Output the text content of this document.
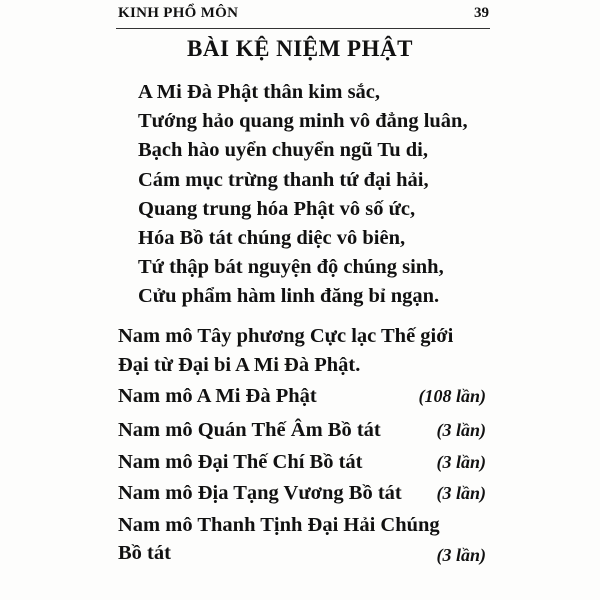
KINH PHỔ MÔN	39
BÀI KỆ NIỆM PHẬT
A Mi Đà Phật thân kim sắc,
Tướng hảo quang minh vô đẳng luân,
Bạch hào uyển chuyển ngũ Tu di,
Cám mục trừng thanh tứ đại hải,
Quang trung hóa Phật vô số ức,
Hóa Bồ tát chúng diệc vô biên,
Tứ thập bát nguyện độ chúng sinh,
Cửu phẩm hàm linh đăng bỉ ngạn.
Nam mô Tây phương Cực lạc Thế giới
Đại từ Đại bi A Mi Đà Phật.
Nam mô A Mi Đà Phật	(108 lần)
Nam mô Quán Thế Âm Bồ tát	(3 lần)
Nam mô Đại Thế Chí Bồ tát	(3 lần)
Nam mô Địa Tạng Vương Bồ tát (3 lần)
Nam mô Thanh Tịnh Đại Hải Chúng
Bồ tát	(3 lần)
